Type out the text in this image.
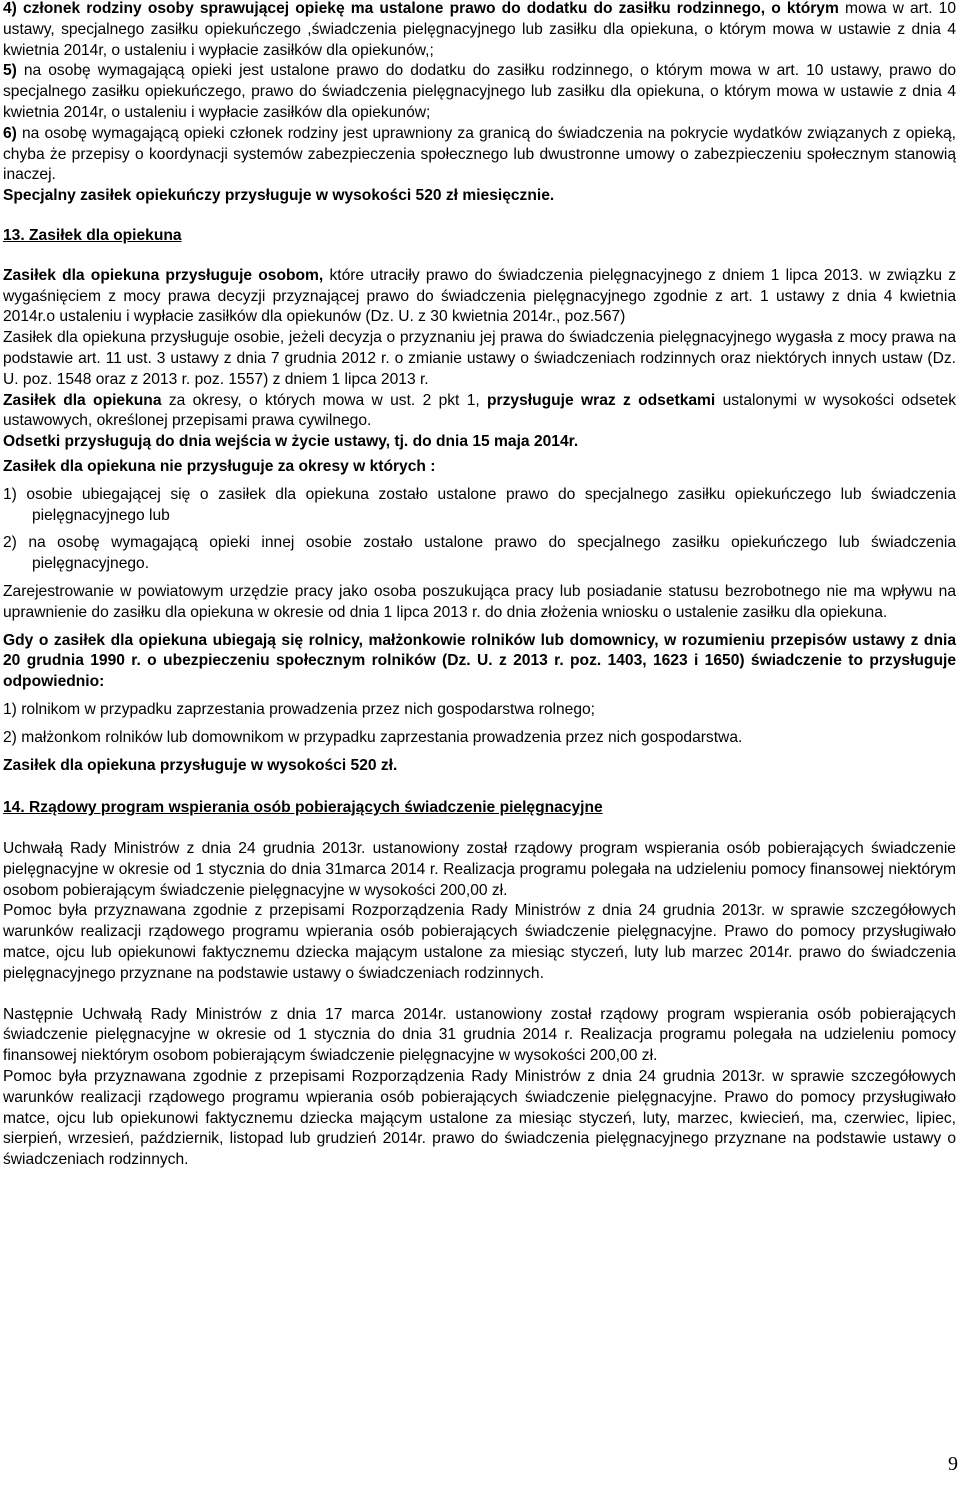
4) członek rodziny osoby sprawującej opiekę ma ustalone prawo do dodatku do zasiłku rodzinnego, o którym mowa w art. 10 ustawy, specjalnego zasiłku opiekuńczego ,świadczenia pielęgnacyjnego lub zasiłku dla opiekuna, o którym mowa w ustawie z dnia 4 kwietnia 2014r, o ustaleniu i wypłacie zasiłków dla opiekunów,;

5) na osobę wymagającą opieki jest ustalone prawo do dodatku do zasiłku rodzinnego, o którym mowa w art. 10 ustawy, prawo do specjalnego zasiłku opiekuńczego, prawo do świadczenia pielęgnacyjnego lub zasiłku dla opiekuna, o którym mowa w ustawie z dnia 4 kwietnia 2014r, o ustaleniu i wypłacie zasiłków dla opiekunów;

6) na osobę wymagającą opieki członek rodziny jest uprawniony za granicą do świadczenia na pokrycie wydatków związanych z opieką, chyba że przepisy o koordynacji systemów zabezpieczenia społecznego lub dwustronne umowy o zabezpieczeniu społecznym stanowią inaczej.

Specjalny zasiłek opiekuńczy przysługuje w wysokości 520 zł miesięcznie.

13. Zasiłek dla opiekuna

Zasiłek dla opiekuna przysługuje osobom, które utraciły prawo do świadczenia pielęgnacyjnego z dniem 1 lipca 2013. w związku z wygaśnięciem z mocy prawa decyzji przyznającej prawo do świadczenia pielęgnacyjnego zgodnie z art. 1 ustawy z dnia 4 kwietnia 2014r.o ustaleniu i wypłacie zasiłków dla opiekunów (Dz. U. z 30 kwietnia 2014r., poz.567)

Zasiłek dla opiekuna przysługuje osobie, jeżeli decyzja o przyznaniu jej prawa do świadczenia pielęgnacyjnego wygasła z mocy prawa na podstawie art. 11 ust. 3 ustawy z dnia 7 grudnia 2012 r. o zmianie ustawy o świadczeniach rodzinnych oraz niektórych innych ustaw (Dz. U. poz. 1548 oraz z 2013 r. poz. 1557) z dniem 1 lipca 2013 r.

Zasiłek dla opiekuna za okresy, o których mowa w ust. 2 pkt 1, przysługuje wraz z odsetkami ustalonymi w wysokości odsetek ustawowych, określonej przepisami prawa cywilnego.

Odsetki przysługują do dnia wejścia w życie ustawy, tj. do dnia 15 maja 2014r.

Zasiłek dla opiekuna nie przysługuje za okresy w których :

1) osobie ubiegającej się o zasiłek dla opiekuna zostało ustalone prawo do specjalnego zasiłku opiekuńczego lub świadczenia pielęgnacyjnego lub

2) na osobę wymagającą opieki innej osobie zostało ustalone prawo do specjalnego zasiłku opiekuńczego lub świadczenia pielęgnacyjnego.

Zarejestrowanie w powiatowym urzędzie pracy jako osoba poszukująca pracy lub posiadanie statusu bezrobotnego nie ma wpływu na uprawnienie do zasiłku dla opiekuna w okresie od dnia 1 lipca 2013 r. do dnia złożenia wniosku o ustalenie zasiłku dla opiekuna.

Gdy o zasiłek dla opiekuna ubiegają się rolnicy, małżonkowie rolników lub domownicy, w rozumieniu przepisów ustawy z dnia 20 grudnia 1990 r. o ubezpieczeniu społecznym rolników (Dz. U. z 2013 r. poz. 1403, 1623 i 1650) świadczenie to przysługuje odpowiednio:

1) rolnikom w przypadku zaprzestania prowadzenia przez nich gospodarstwa rolnego;

2) małżonkom rolników lub domownikom w przypadku zaprzestania prowadzenia przez nich gospodarstwa.

Zasiłek dla opiekuna przysługuje w wysokości 520 zł.

14. Rządowy program wspierania osób pobierających świadczenie pielęgnacyjne

Uchwałą Rady Ministrów z dnia 24 grudnia 2013r. ustanowiony został rządowy program wspierania osób pobierających świadczenie pielęgnacyjne w okresie od 1 stycznia do dnia 31marca 2014 r. Realizacja programu polegała na udzieleniu pomocy finansowej niektórym osobom pobierającym świadczenie pielęgnacyjne w wysokości 200,00 zł.

Pomoc była przyznawana zgodnie z przepisami Rozporządzenia Rady Ministrów z dnia 24 grudnia 2013r. w sprawie szczegółowych warunków realizacji rządowego programu wpierania osób pobierających świadczenie pielęgnacyjne. Prawo do pomocy przysługiwało matce, ojcu lub opiekunowi faktycznemu dziecka mającym ustalone za miesiąc styczeń, luty lub marzec 2014r. prawo do świadczenia pielęgnacyjnego przyznane na podstawie ustawy o świadczeniach rodzinnych.

Następnie Uchwałą Rady Ministrów z dnia 17 marca 2014r. ustanowiony został rządowy program wspierania osób pobierających świadczenie pielęgnacyjne w okresie od 1 stycznia do dnia 31 grudnia 2014 r. Realizacja programu polegała na udzieleniu pomocy finansowej niektórym osobom pobierającym świadczenie pielęgnacyjne w wysokości 200,00 zł.

Pomoc była przyznawana zgodnie z przepisami Rozporządzenia Rady Ministrów z dnia 24 grudnia 2013r. w sprawie szczegółowych warunków realizacji rządowego programu wpierania osób pobierających świadczenie pielęgnacyjne. Prawo do pomocy przysługiwało matce, ojcu lub opiekunowi faktycznemu dziecka mającym ustalone za miesiąc styczeń, luty, marzec, kwiecień, ma, czerwiec, lipiec, sierpień, wrzesień, październik, listopad lub grudzień 2014r. prawo do świadczenia pielęgnacyjnego przyznane na podstawie ustawy o świadczeniach rodzinnych.

9
